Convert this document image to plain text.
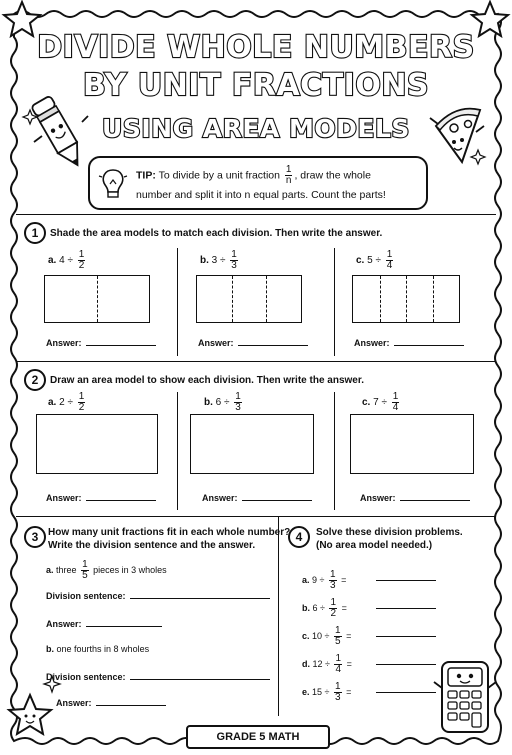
DIVIDE WHOLE NUMBERS
BY UNIT FRACTIONS
USING AREA MODELS
TIP: To divide by a unit fraction $\frac{1}{n}$ , draw the whole
number and split it into n equal parts. Count the parts!
1	Shade the area models to match each division. Then write the answer.
a. $4 \div \frac{1}{2}$
Answer:
b. $3 \div \frac{1}{3}$
Answer:
c. $5 \div \frac{1}{4}$
Answer:
2	Draw an area model to show each division. Then write the answer.
a. $2 \div \frac{1}{2}$
Answer:
b. $6 \div \frac{1}{3}$
Answer:
c. $7 \div \frac{1}{4}$
Answer:
3 How many unit fractions fit in each whole number?
Write the division sentence and the answer.
a. three $\frac{1}{5}$ pieces in 3 wholes
Division sentence:
Answer:
b. one fourths in 8 wholes
Division sentence:
Answer:
4	Solve these division problems.
(No area model needed.)
a. $9 \div \frac{1}{3}$ =
b. $6 \div \frac{1}{2}$ =
c. $10 \div \frac{1}{5}$ =
d. $12 \div \frac{1}{4}$ =
e. $15 \div \frac{1}{3}$ =
GRADE 5 MATH
